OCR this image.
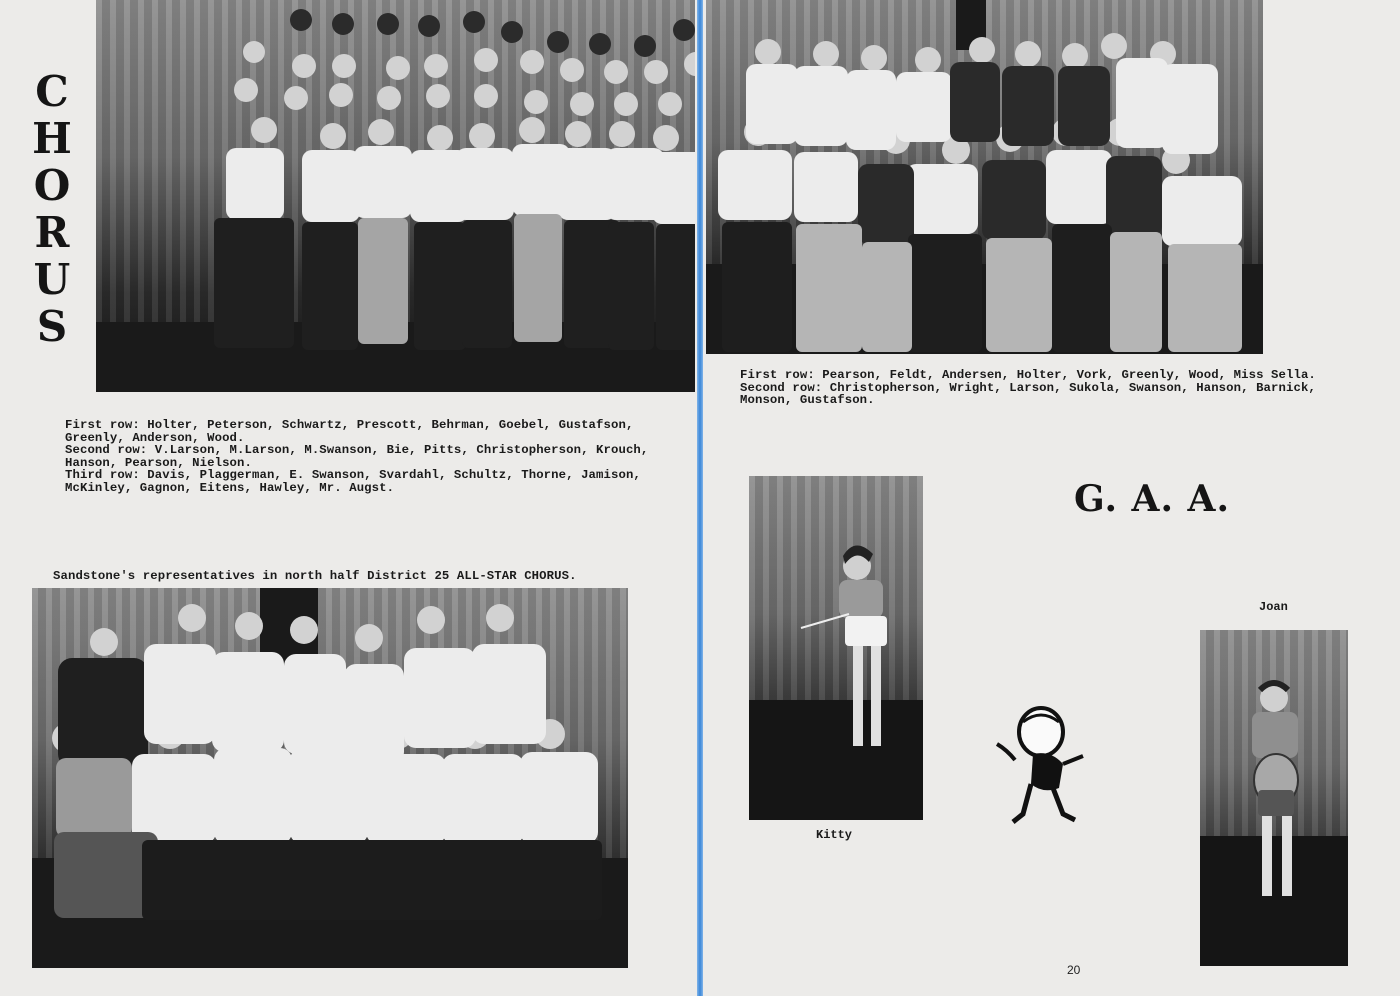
C
H
O
R
U
S
First row: Holter, Peterson, Schwartz, Prescott, Behrman, Goebel, Gustafson,
Greenly, Anderson, Wood.
Second row: V.Larson, M.Larson, M.Swanson, Bie, Pitts, Christopherson, Krouch,
Hanson, Pearson, Nielson.
Third row: Davis, Plaggerman, E. Swanson, Svardahl, Schultz, Thorne, Jamison,
McKinley, Gagnon, Eitens, Hawley, Mr. Augst.
Sandstone's representatives in north half District 25 ALL-STAR CHORUS.
First row: Pearson, Feldt, Andersen, Holter, Vork, Greenly, Wood, Miss Sella.
Second row: Christopherson, Wright, Larson, Sukola, Swanson, Hanson, Barnick,
Monson, Gustafson.
G. A. A.
Kitty
Joan
20
